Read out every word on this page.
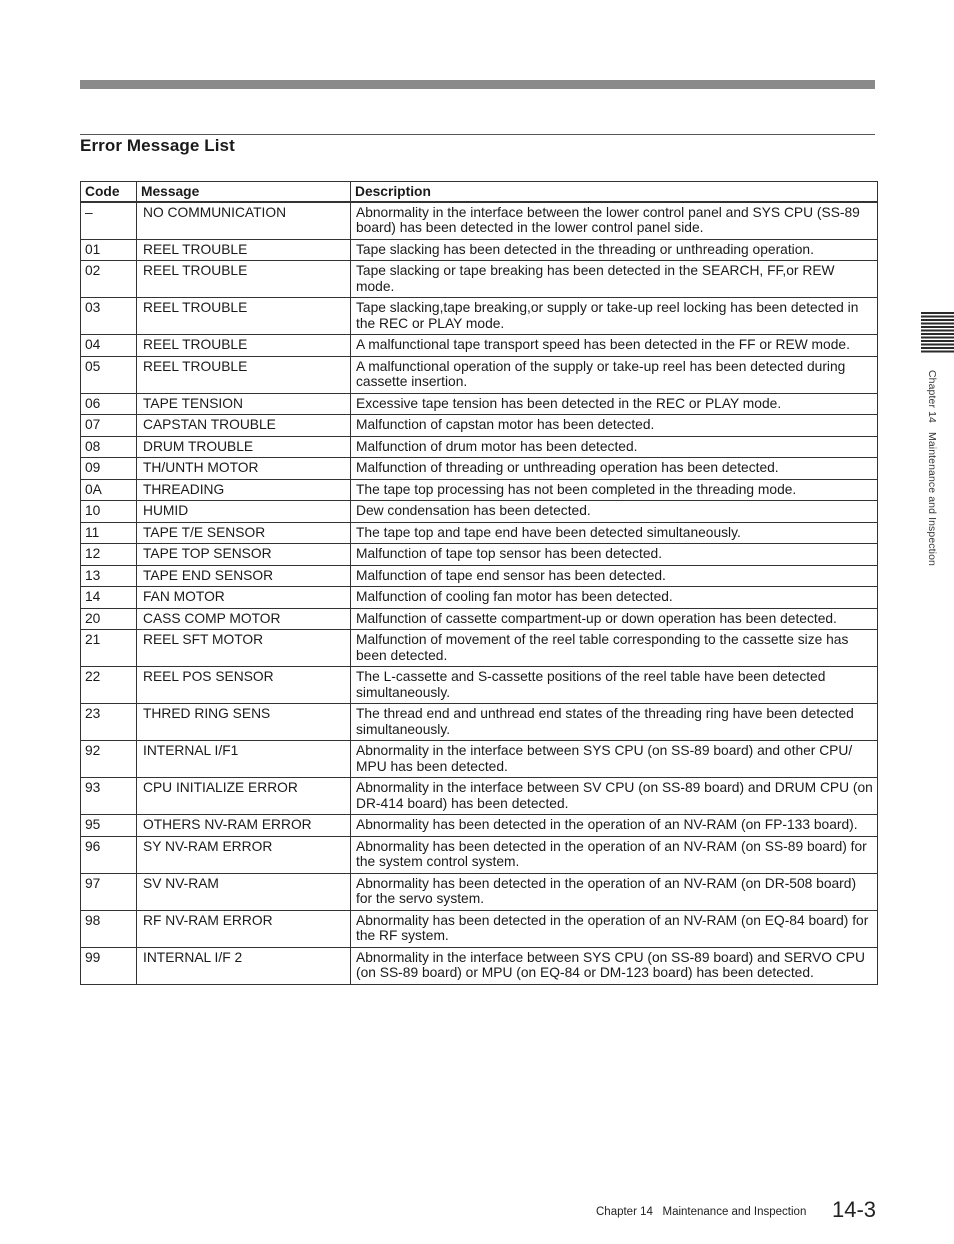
Error Message List
Code	Message	Description
–	NO COMMUNICATION	Abnormality in the interface between the lower control panel and SYS CPU (SS-89 board) has been detected in the lower control panel side.
01	REEL TROUBLE	Tape slacking has been detected in the threading or unthreading operation.
02	REEL TROUBLE	Tape slacking or tape breaking has been detected in the SEARCH, FF,or REW mode.
03	REEL TROUBLE	Tape slacking,tape breaking,or supply or take-up reel locking has been detected in the REC or PLAY mode.
04	REEL TROUBLE	A malfunctional tape transport speed has been detected in the FF or REW mode.
05	REEL TROUBLE	A malfunctional operation of the supply or take-up reel has been detected during cassette insertion.
06	TAPE TENSION	Excessive tape tension has been detected in the REC or PLAY mode.
07	CAPSTAN TROUBLE	Malfunction of capstan motor has been detected.
08	DRUM TROUBLE	Malfunction of drum motor has been detected.
09	TH/UNTH MOTOR	Malfunction of threading or unthreading operation has been detected.
0A	THREADING	The tape top processing has not been completed in the threading mode.
10	HUMID	Dew condensation has been detected.
11	TAPE T/E SENSOR	The tape top and tape end have been detected simultaneously.
12	TAPE TOP SENSOR	Malfunction of tape top sensor has been detected.
13	TAPE END SENSOR	Malfunction of tape end sensor has been detected.
14	FAN MOTOR	Malfunction of cooling fan motor has been detected.
20	CASS COMP MOTOR	Malfunction of cassette compartment-up or down operation has been detected.
21	REEL SFT MOTOR	Malfunction of movement of the reel table corresponding to the cassette size has been detected.
22	REEL POS SENSOR	The L-cassette and S-cassette positions of the reel table have been detected simultaneously.
23	THRED RING SENS	The thread end and unthread end states of the threading ring have been detected simultaneously.
92	INTERNAL I/F1	Abnormality in the interface between SYS CPU (on SS-89 board) and other CPU/ MPU has been detected.
93	CPU INITIALIZE ERROR	Abnormality in the interface between SV CPU (on SS-89 board) and DRUM CPU (on DR-414 board) has been detected.
95	OTHERS NV-RAM ERROR	Abnormality has been detected in the operation of an NV-RAM (on FP-133 board).
96	SY NV-RAM ERROR	Abnormality has been detected in the operation of an NV-RAM (on SS-89 board) for the system control system.
97	SV NV-RAM	Abnormality has been detected in the operation of an NV-RAM (on DR-508 board) for the servo system.
98	RF NV-RAM ERROR	Abnormality has been detected in the operation of an NV-RAM (on EQ-84 board) for the RF system.
99	INTERNAL I/F 2	Abnormality in the interface between SYS CPU (on SS-89 board) and SERVO CPU (on SS-89 board) or MPU (on EQ-84 or DM-123 board) has been detected.
Chapter 14   Maintenance and Inspection
Chapter 14   Maintenance and Inspection 14-3
